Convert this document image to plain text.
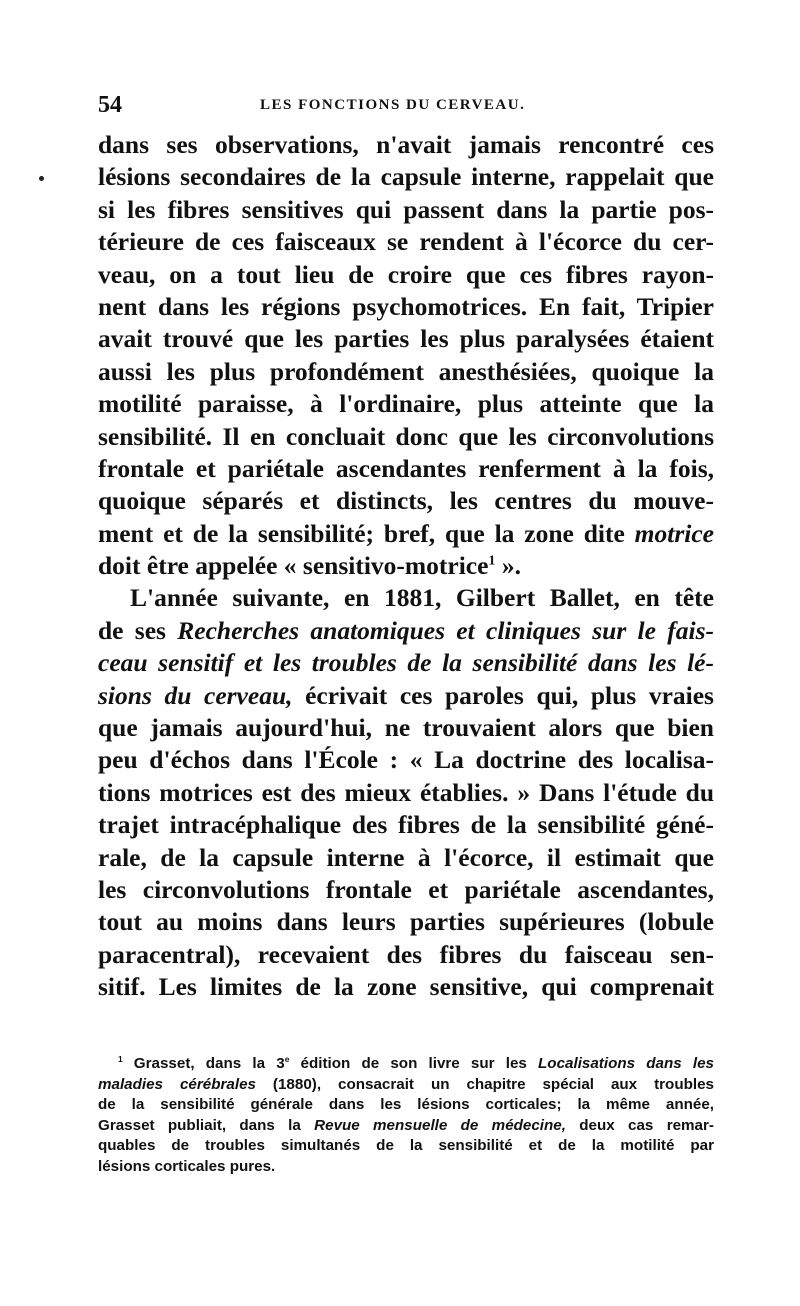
54	LES FONCTIONS DU CERVEAU.
dans ses observations, n'avait jamais rencontré ces
lésions secondaires de la capsule interne, rappelait que
si les fibres sensitives qui passent dans la partie pos-
térieure de ces faisceaux se rendent à l'écorce du cer-
veau, on a tout lieu de croire que ces fibres rayon-
nent dans les régions psychomotrices. En fait, Tripier
avait trouvé que les parties les plus paralysées étaient
aussi les plus profondément anesthésiées, quoique la
motilité paraisse, à l'ordinaire, plus atteinte que la
sensibilité. Il en concluait donc que les circonvolutions
frontale et pariétale ascendantes renferment à la fois,
quoique séparés et distincts, les centres du mouve-
ment et de la sensibilité; bref, que la zone dite motrice
doit être appelée « sensitivo-motrice$^1$ ».
L'année suivante, en 1881, Gilbert Ballet, en tête
de ses Recherches anatomiques et cliniques sur le fais-
ceau sensitif et les troubles de la sensibilité dans les lé-
sions du cerveau, écrivait ces paroles qui, plus vraies
que jamais aujourd'hui, ne trouvaient alors que bien
peu d'échos dans l'École : « La doctrine des localisa-
tions motrices est des mieux établies. » Dans l'étude du
trajet intracéphalique des fibres de la sensibilité géné-
rale, de la capsule interne à l'écorce, il estimait que
les circonvolutions frontale et pariétale ascendantes,
tout au moins dans leurs parties supérieures (lobule
paracentral), recevaient des fibres du faisceau sen-
sitif. Les limites de la zone sensitive, qui comprenait
$^1$ Grasset, dans la 3e édition de son livre sur les Localisations dans les
maladies cérébrales (1880), consacrait un chapitre spécial aux troubles
de la sensibilité générale dans les lésions corticales; la même année,
Grasset publiait, dans la Revue mensuelle de médecine, deux cas remar-
quables de troubles simultanés de la sensibilité et de la motilité par
lésions corticales pures.
